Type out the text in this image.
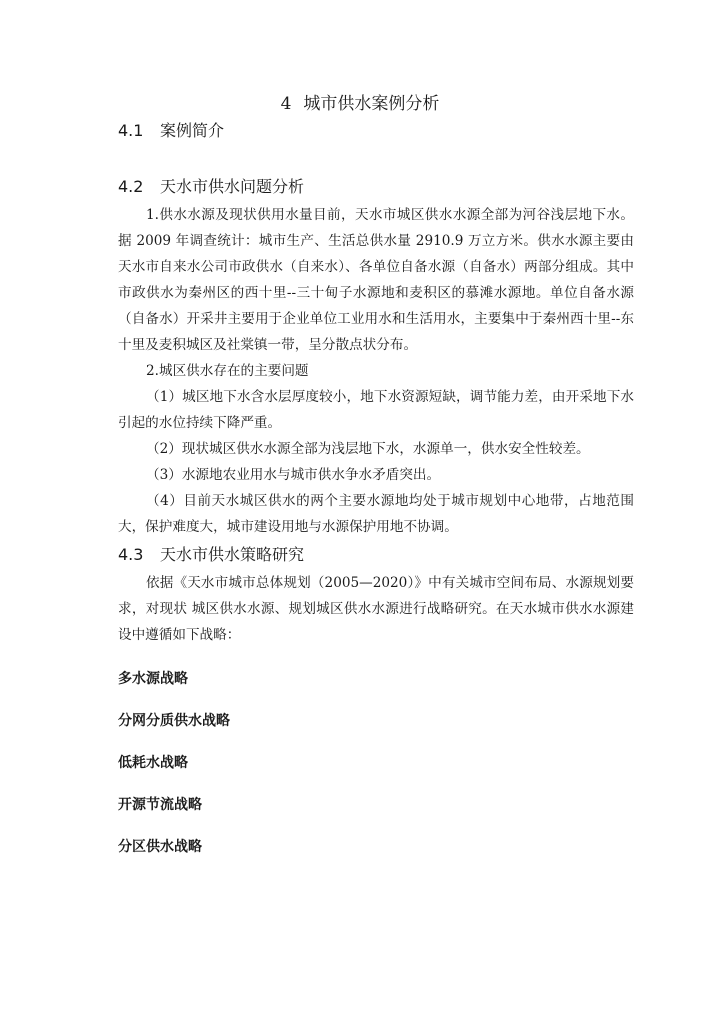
4 城市供水案例分析
4.1 案例简介
4.2 天水市供水问题分析

1.供水水源及现状供用水量目前，天水市城区供水水源全部为河谷浅层地下水。据 2009 年调查统计：城市生产、生活总供水量 2910.9 万立方米。供水水源主要由天水市自来水公司市政供水（自来水）、各单位自备水源（自备水）两部分组成。其中市政供水为秦州区的西十里--三十甸子水源地和麦积区的慕滩水源地。单位自备水源（自备水）开采井主要用于企业单位工业用水和生活用水，主要集中于秦州西十里--东十里及麦积城区及社棠镇一带，呈分散点状分布。

2.城区供水存在的主要问题

（1）城区地下水含水层厚度较小，地下水资源短缺，调节能力差，由开采地下水引起的水位持续下降严重。

（2）现状城区供水水源全部为浅层地下水，水源单一，供水安全性较差。

（3）水源地农业用水与城市供水争水矛盾突出。

（4）目前天水城区供水的两个主要水源地均处于城市规划中心地带，占地范围大，保护难度大，城市建设用地与水源保护用地不协调。

4.3 天水市供水策略研究

依据《天水市城市总体规划（2005—2020）》中有关城市空间布局、水源规划要求，对现状 城区供水水源、规划城区供水水源进行战略研究。在天水城市供水水源建设中遵循如下战略：

多水源战略
分网分质供水战略
低耗水战略
开源节流战略
分区供水战略
